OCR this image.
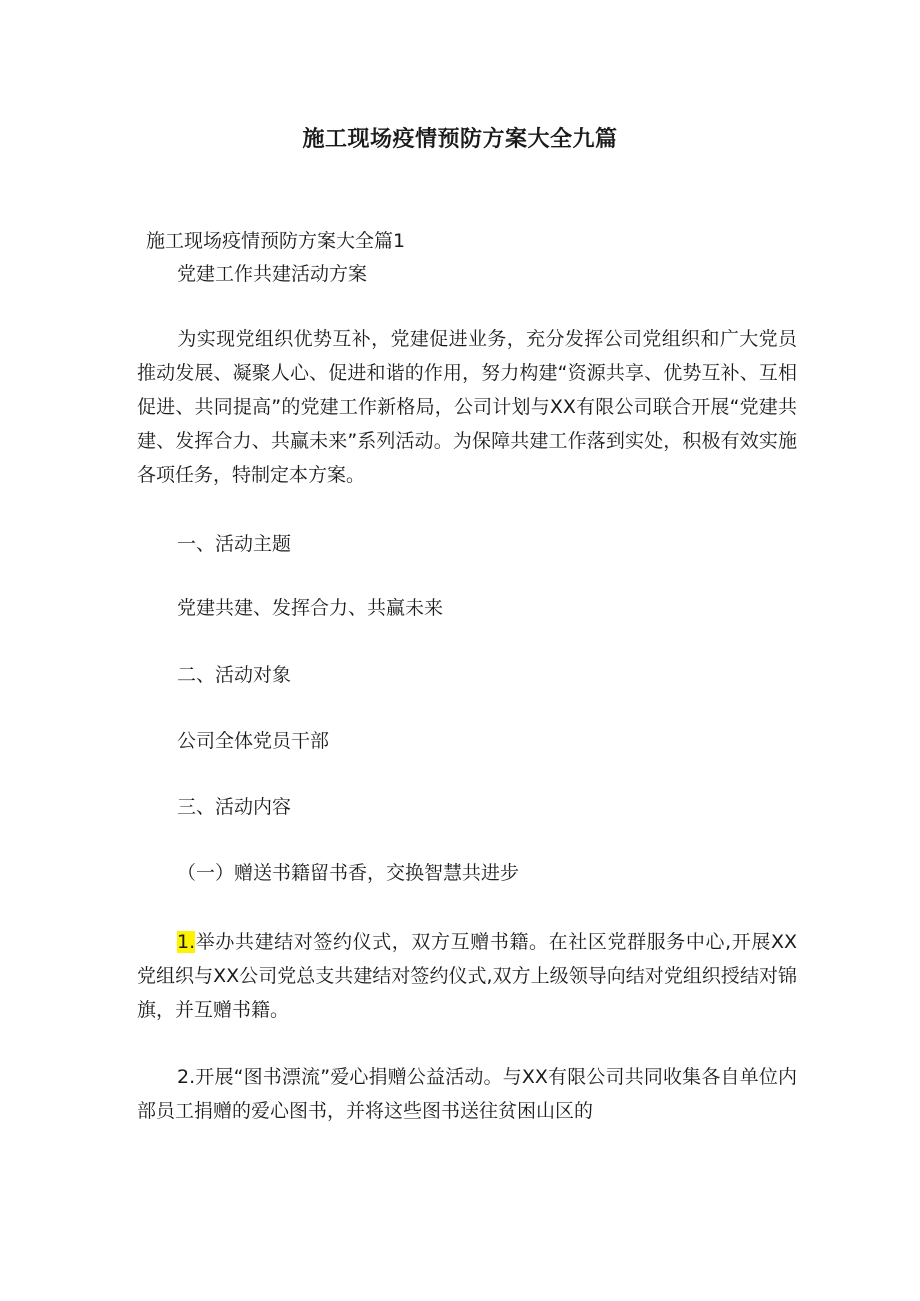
施工现场疫情预防方案大全九篇
施工现场疫情预防方案大全篇1
党建工作共建活动方案
为实现党组织优势互补，党建促进业务，充分发挥公司党组织和广大党员推动发展、凝聚人心、促进和谐的作用，努力构建“资源共享、优势互补、互相促进、共同提高”的党建工作新格局，公司计划与XX有限公司联合开展“党建共建、发挥合力、共赢未来”系列活动。为保障共建工作落到实处，积极有效实施各项任务，特制定本方案。
一、活动主题
党建共建、发挥合力、共赢未来
二、活动对象
公司全体党员干部
三、活动内容
（一）赠送书籍留书香，交换智慧共进步
1.举办共建结对签约仪式，双方互赠书籍。在社区党群服务中心,开展XX党组织与XX公司党总支共建结对签约仪式,双方上级领导向结对党组织授结对锦旗，并互赠书籍。
2.开展“图书漂流”爱心捐赠公益活动。与XX有限公司共同收集各自单位内部员工捐赠的爱心图书，并将这些图书送往贫困山区的
